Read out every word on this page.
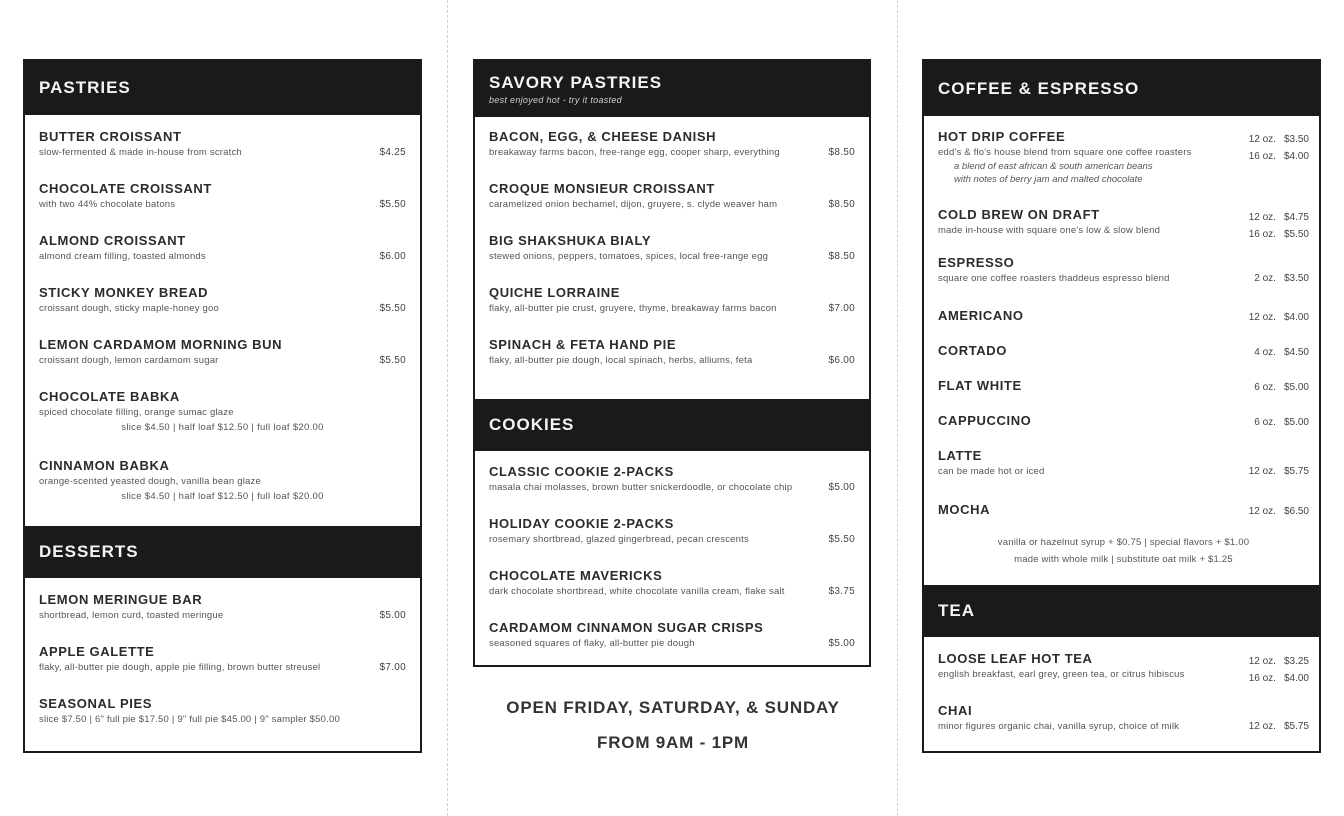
PASTRIES
BUTTER CROISSANT
slow-fermented & made in-house from scratch	$4.25
CHOCOLATE CROISSANT
with two 44% chocolate batons	$5.50
ALMOND CROISSANT
almond cream filling, toasted almonds	$6.00
STICKY MONKEY BREAD
croissant dough, sticky maple-honey goo	$5.50
LEMON CARDAMOM MORNING BUN
croissant dough, lemon cardamom sugar	$5.50
CHOCOLATE BABKA
spiced chocolate filling, orange sumac glaze
slice $4.50 | half loaf $12.50 | full loaf $20.00
CINNAMON BABKA
orange-scented yeasted dough, vanilla bean glaze
slice $4.50 | half loaf $12.50 | full loaf $20.00
DESSERTS
LEMON MERINGUE BAR
shortbread, lemon curd, toasted meringue	$5.00
APPLE GALETTE
flaky, all-butter pie dough, apple pie filling, brown butter streusel	$7.00
SEASONAL PIES
slice $7.50 | 6" full pie $17.50 | 9" full pie $45.00 | 9" sampler $50.00
SAVORY PASTRIES
best enjoyed hot - try it toasted
BACON, EGG, & CHEESE DANISH
breakaway farms bacon, free-range egg, cooper sharp, everything	$8.50
CROQUE MONSIEUR CROISSANT
caramelized onion bechamel, dijon, gruyere, s. clyde weaver ham	$8.50
BIG SHAKSHUKA BIALY
stewed onions, peppers, tomatoes, spices, local free-range egg	$8.50
QUICHE LORRAINE
flaky, all-butter pie crust, gruyere, thyme, breakaway farms bacon	$7.00
SPINACH & FETA HAND PIE
flaky, all-butter pie dough, local spinach, herbs, alliums, feta	$6.00
COOKIES
CLASSIC COOKIE 2-PACKS
masala chai molasses, brown butter snickerdoodle, or chocolate chip	$5.00
HOLIDAY COOKIE 2-PACKS
rosemary shortbread, glazed gingerbread, pecan crescents	$5.50
CHOCOLATE MAVERICKS
dark chocolate shortbread, white chocolate vanilla cream, flake salt	$3.75
CARDAMOM CINNAMON SUGAR CRISPS
seasoned squares of flaky, all-butter pie dough	$5.00
OPEN FRIDAY, SATURDAY, & SUNDAY
FROM 9AM - 1PM
COFFEE & ESPRESSO
HOT DRIP COFFEE
edd's & flo's house blend from square one coffee roasters
a blend of east african & south american beans
with notes of berry jam and malted chocolate
12 oz. $3.50
16 oz. $4.00
COLD BREW ON DRAFT
made in-house with square one's low & slow blend
12 oz. $4.75
16 oz. $5.50
ESPRESSO
square one coffee roasters thaddeus espresso blend	2 oz. $3.50
AMERICANO	12 oz. $4.00
CORTADO	4 oz. $4.50
FLAT WHITE	6 oz. $5.00
CAPPUCCINO	6 oz. $5.00
LATTE
can be made hot or iced	12 oz. $5.75
MOCHA	12 oz. $6.50
vanilla or hazelnut syrup + $0.75 | special flavors + $1.00
made with whole milk | substitute oat milk + $1.25
TEA
LOOSE LEAF HOT TEA
english breakfast, earl grey, green tea, or citrus hibiscus
12 oz. $3.25
16 oz. $4.00
CHAI
minor figures organic chai, vanilla syrup, choice of milk	12 oz. $5.75
